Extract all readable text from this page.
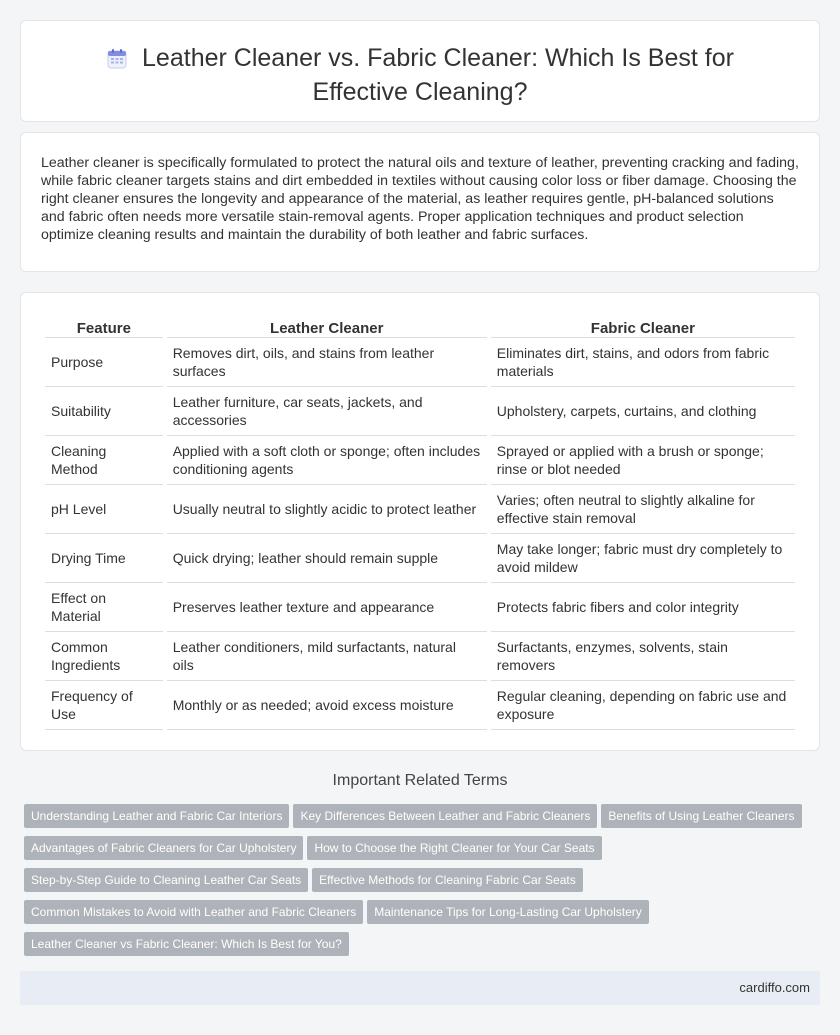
Leather Cleaner vs. Fabric Cleaner: Which Is Best for Effective Cleaning?

Leather cleaner is specifically formulated to protect the natural oils and texture of leather, preventing cracking and fading, while fabric cleaner targets stains and dirt embedded in textiles without causing color loss or fiber damage. Choosing the right cleaner ensures the longevity and appearance of the material, as leather requires gentle, pH-balanced solutions and fabric often needs more versatile stain-removal agents. Proper application techniques and product selection optimize cleaning results and maintain the durability of both leather and fabric surfaces.

Feature	Leather Cleaner	Fabric Cleaner
Purpose	Removes dirt, oils, and stains from leather surfaces	Eliminates dirt, stains, and odors from fabric materials
Suitability	Leather furniture, car seats, jackets, and accessories	Upholstery, carpets, curtains, and clothing
Cleaning Method	Applied with a soft cloth or sponge; often includes conditioning agents	Sprayed or applied with a brush or sponge; rinse or blot needed
pH Level	Usually neutral to slightly acidic to protect leather	Varies; often neutral to slightly alkaline for effective stain removal
Drying Time	Quick drying; leather should remain supple	May take longer; fabric must dry completely to avoid mildew
Effect on Material	Preserves leather texture and appearance	Protects fabric fibers and color integrity
Common Ingredients	Leather conditioners, mild surfactants, natural oils	Surfactants, enzymes, solvents, stain removers
Frequency of Use	Monthly or as needed; avoid excess moisture	Regular cleaning, depending on fabric use and exposure
Important Related Terms
Understanding Leather and Fabric Car Interiors Key Differences Between Leather and Fabric Cleaners Benefits of Using Leather Cleaners
Advantages of Fabric Cleaners for Car Upholstery How to Choose the Right Cleaner for Your Car Seats
Step-by-Step Guide to Cleaning Leather Car Seats Effective Methods for Cleaning Fabric Car Seats
Common Mistakes to Avoid with Leather and Fabric Cleaners Maintenance Tips for Long-Lasting Car Upholstery
Leather Cleaner vs Fabric Cleaner: Which Is Best for You?
cardiffo.com
